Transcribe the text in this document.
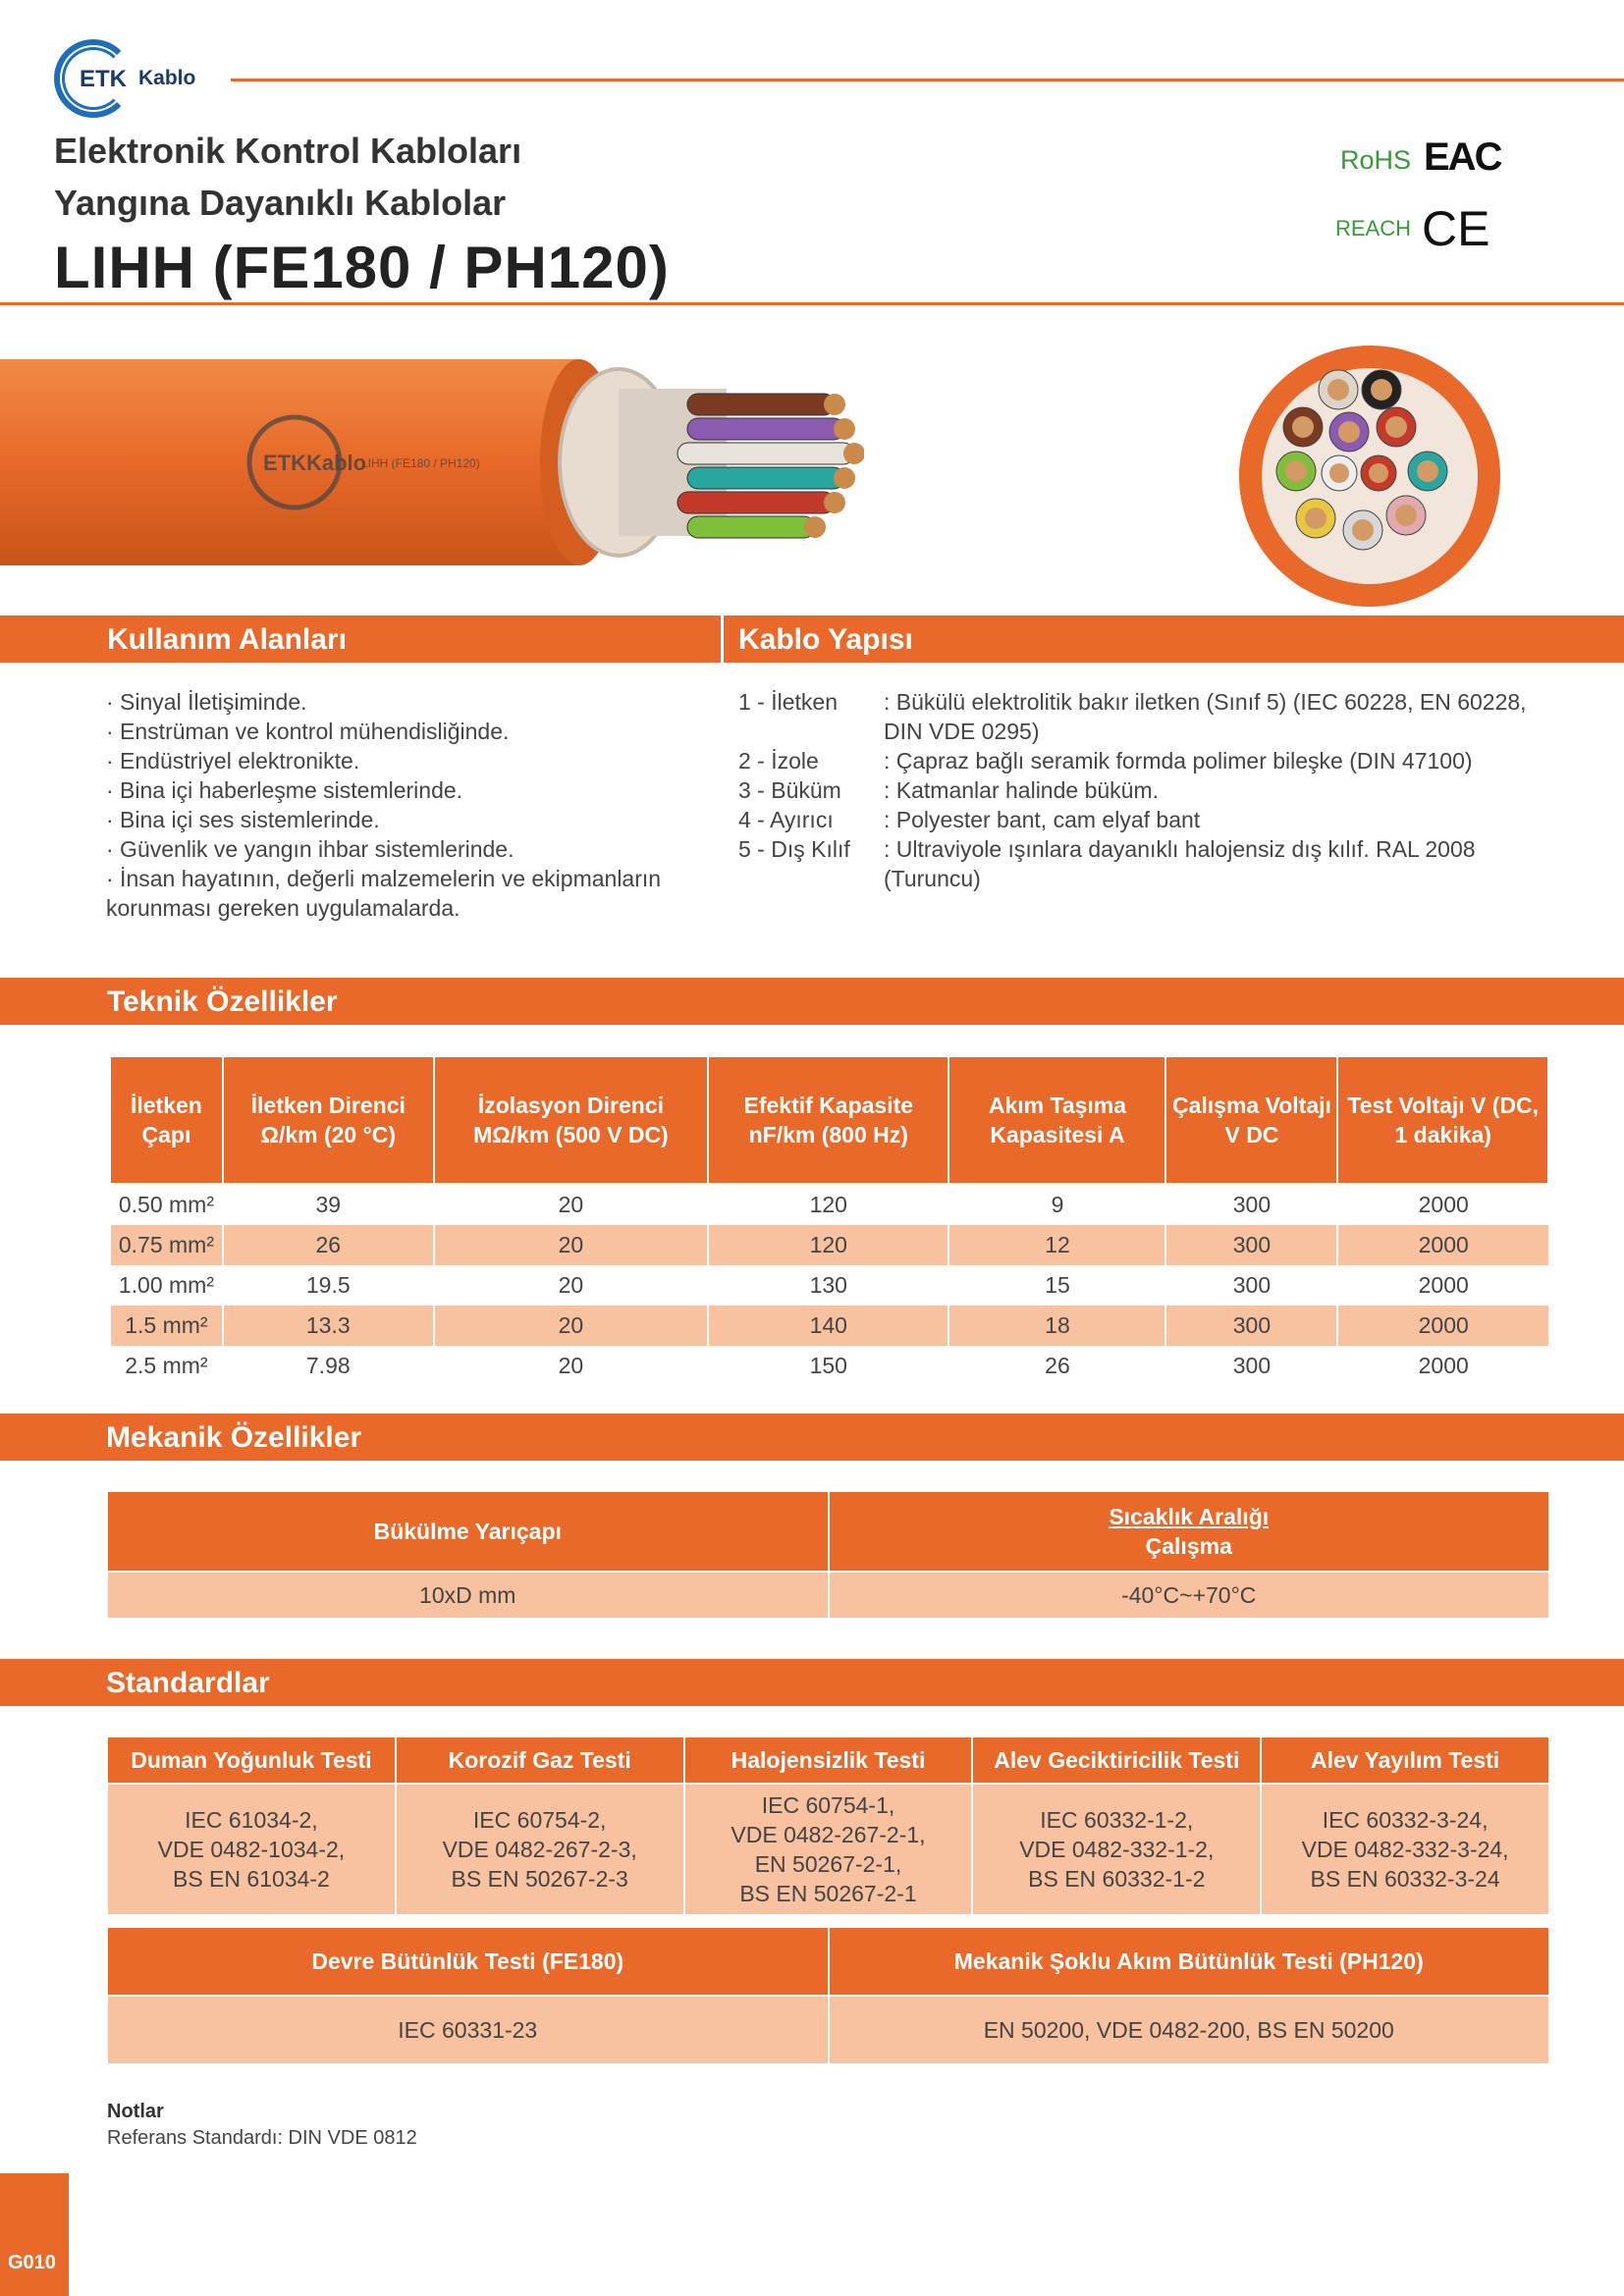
ETK Kablo
Elektronik Kontrol Kabloları
Yangına Dayanıklı Kablolar
LIHH (FE180 / PH120)
RoHS
REACH
EAC
CE
ETK Kablo
LIHH (FE180 / PH120)
Kullanım Alanları	Kablo Yapısı
· Sinyal İletişiminde.
· Enstrüman ve kontrol mühendisliğinde.
· Endüstriyel elektronikte.
· Bina içi haberleşme sistemlerinde.
· Bina içi ses sistemlerinde.
· Güvenlik ve yangın ihbar sistemlerinde.
· İnsan hayatının, değerli malzemelerin ve ekipmanların korunması gereken uygulamalarda.
1 - İletken	: Bükülü elektrolitik bakır iletken (Sınıf 5) (IEC 60228, EN 60228, DIN VDE 0295)
2 - İzole	: Çapraz bağlı seramik formda polimer bileşke (DIN 47100)
3 - Büküm	: Katmanlar halinde büküm.
4 - Ayırıcı	: Polyester bant, cam elyaf bant
5 - Dış Kılıf	: Ultraviyole ışınlara dayanıklı halojensiz dış kılıf. RAL 2008 (Turuncu)
Teknik Özellikler
İletken Çapı	İletken Direnci Ω/km (20 °C)	İzolasyon Direnci MΩ/km (500 V DC)	Efektif Kapasite nF/km (800 Hz)	Akım Taşıma Kapasitesi A	Çalışma Voltajı V DC	Test Voltajı V (DC, 1 dakika)
0.50 mm²	39	20	120	9	300	2000
0.75 mm²	26	20	120	12	300	2000
1.00 mm²	19.5	20	130	15	300	2000
1.5 mm²	13.3	20	140	18	300	2000
2.5 mm²	7.98	20	150	26	300	2000
Mekanik Özellikler
Bükülme Yarıçapı	Sıcaklık Aralığı
Çalışma

10xD mm	-40°C~+70°C
Standardlar
Duman Yoğunluk Testi	Korozif Gaz Testi	Halojensizlik Testi	Alev Geciktiricilik Testi	Alev Yayılım Testi
IEC 61034-2,
VDE 0482-1034-2,
BS EN 61034-2	IEC 60754-2,
VDE 0482-267-2-3,
BS EN 50267-2-3	IEC 60754-1,
VDE 0482-267-2-1,
EN 50267-2-1,
BS EN 50267-2-1	IEC 60332-1-2,
VDE 0482-332-1-2,
BS EN 60332-1-2	IEC 60332-3-24,
VDE 0482-332-3-24,
BS EN 60332-3-24
Devre Bütünlük Testi (FE180)	Mekanik Şoklu Akım Bütünlük Testi (PH120)
IEC 60331-23	EN 50200, VDE 0482-200, BS EN 50200
Notlar
Referans Standardı: DIN VDE 0812
G010
